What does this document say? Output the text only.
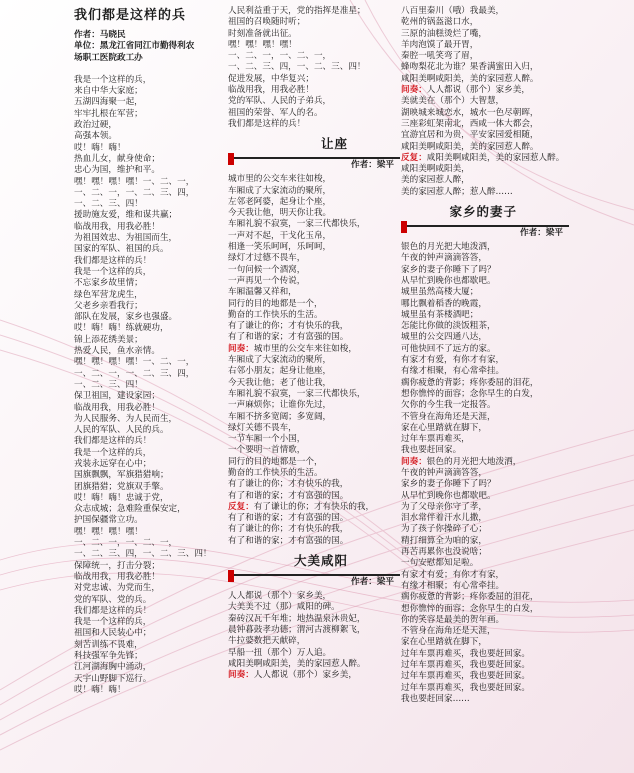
我们都是这样的兵
作者：马晓民
单位：黑龙江省同江市勤得利农
场职工医院政工办
我是一个这样的兵，
来自中华大家庭；
五湖四海聚一起，
牢牢扎根在军营；
政治过硬，
高强本领。
哎！嗨！嗨！
热血儿女，献身使命；
忠心为国，维护和平。
嘿！嘿！嘿！嘿！一、二、一，
一、二、一，一、二、三、四，
一、二、三、四！
援助施友爱，维和谋共赢；
临战用我，用我必胜！
为祖国效忠、为祖国而生，
国家的军队、祖国的兵。
我们都是这样的兵！
我是一个这样的兵，
不忘家乡故里情；
绿色军营龙虎生，
父老乡亲看我行；
部队在发展，家乡也强盛。
哎！嗨！嗨！练就硬功，
锦上添花绣美景；
热爱人民，鱼水亲情。
嘿！嘿！嘿！嘿！一、二、一，
一、二、一，一、二、三、四，
一、二、三、四！
保卫祖国，建设家园；
临战用我，用我必胜！
为人民服务、为人民而生，
人民的军队、人民的兵。
我们都是这样的兵！
我是一个这样的兵，
戎装永远穿在心中；
国旗飘飘，军旗猎猎响；
团旗猎猎；党旗双手擎。
哎！嗨！嗨！忠诚于党，
众志成城；急难险重保安定，
护国保疆常立功。
嘿！嘿！嘿！嘿！
一、二、一，一、二、一，
一、二、三、四，一、二、三、四！
保障统一，打击分裂；
临战用我，用我必胜！
对党忠诚、为党而生，
党的军队、党的兵。
我们都是这样的兵！
我是一个这样的兵，
祖国和人民装心中；
刻苦训练不畏难，
科技强军争先锋；
江河湖海胸中涌动，
天宇山野脚下巡行。
哎！嗨！嗨！
人民利益重于天，党的指挥是准星；
祖国的召唤随时听；
时刻准备就出征。
嘿！嘿！嘿！嘿！
一、二、一，一、二、一，
一、二、三、四，一、二、三、四！
促进发展，中华复兴；
临战用我，用我必胜！
党的军队、人民的子弟兵，
祖国的荣誉、军人的名。
我们都是这样的兵！
让座
作者：梁平
城市里的公交车来往如梭，
车厢成了大家流动的聚所，
左邻老阿婆，起身让个座，
今天我让他，明天你让我。
车厢礼貌不寂寞，一家三代都快乐，
一声对不起，干戈化玉帛，
相逢一笑乐呵呵，乐呵呵，
绿灯才过德不畏车，
一句问候一个酒窝，
一声再见一个传说，
车厢温馨又祥和，
同行的目的地都是一个，
勤奋的工作快乐的生活。
有了谦让的你；才有快乐的我，
有了和谐的家；才有富强的国。
间奏：城市里的公交车来往如梭，
车厢成了大家流动的聚所，
右邻小朋友；起身让他座，
今天我让他；老了他让我，
车厢礼貌不寂寞，一家三代都快乐，
一声麻烦你；让谁你先过，
车厢不挤多宽阔；多宽阔，
绿灯关德不畏车，
一节车厢一个小国，
一个要明一首情歌，
同行的目的地都是一个，
勤奋的工作快乐的生活。
有了谦让的你；才有快乐的我，
有了和谐的家；才有富强的国。
反复：有了谦让的你；才有快乐的我，
有了和谐的家；才有富强的国。
有了谦让的你；才有快乐的我，
有了和谐的家；才有富强的国。
大美咸阳
作者：梁平
人人都说（那个）家乡美，
大美美不过（那）咸阳的碑。
秦砖汉瓦千年堆；地热温泉沐贵妃，
晨钟暮鼓孝功德；渭河古渡柳絮飞，
牛拉婆数把天献碎，
早船一扭（那个）万人追。
咸阳美啊咸阳美，美的家园惹人醉。
间奏：人人都说（那个）家乡美，
八百里秦川（哦）我最美，
乾州的锅盔滋口水，
三原的油糕烫烂了嘴，
羊肉泡馍了最开胃，
秦腔一吼笑弯了眉，
蜂吻梨花北为谁？果香满蜜田入归，
咸阳美啊咸阳美，美的家园惹人醉。
间奏：人人都说（那个）家乡美，
美就美在（那个）大智慧，
湖映城来城恋水，城水一色尽朝晖，
三座彩虹架南北，西咸一体大都会，
宜游宜居和为贵，平安家园爱相随，
咸阳美啊咸阳美，美的家园惹人醉。
反复：咸阳美啊咸阳美，美的家园惹人醉。
咸阳美啊咸阳美，
美的家园惹人醉，
美的家园惹人醉；惹人醉……
家乡的妻子
作者：梁平
银色的月光把大地泼洒，
午夜的钟声滴滴答答，
家乡的妻子你睡下了吗？
从早忙到晚你也都歇吧。
城里虽然高楼大厦；
哪比飘着稻香的晚霞，
城里虽有茶楼酒吧；
怎能比你做的淡饭粗茶，
城里的公交四通八达，
可他快回不了远方的家。
有家才有爱，有你才有家，
有缘才相聚，有心常牵挂。
瘸你疲惫的背影；疼你委屈的泪花，
想你憔悴的面容；念你早生的白发，
欠你的今生我一定报答。
不管身在海角还是天涯，
家在心里踏就在脚下，
过年车票再难买，
我也要赶回家。
间奏：银色的月光把大地泼洒，
午夜的钟声滴滴答答，
家乡的妻子你睡下了吗？
从早忙到晚你也都歇吧。
为了父母亲你守了孝，
泪水常伴着汗水儿撒，
为了孩子你操碎了心；
精打细算全为咱的家，
再苦再累你也没说啥；
一句安慰都知足啦。
有家才有爱；有你才有家，
有缘才相聚；有心常牵挂。
瘸你疲惫的背影；疼你委屈的泪花，
想你憔悴的面容；念你早生的白发，
你的笑容是最美的贺年画。
不管身在海角还是天涯，
家在心里踏就在脚下，
过年车票再难买，我也要赶回家。
过年车票再难买，我也要赶回家。
过年车票再难买，我也要赶回家。
过年车票再难买，我也要赶回家。
我也要赶回家……
